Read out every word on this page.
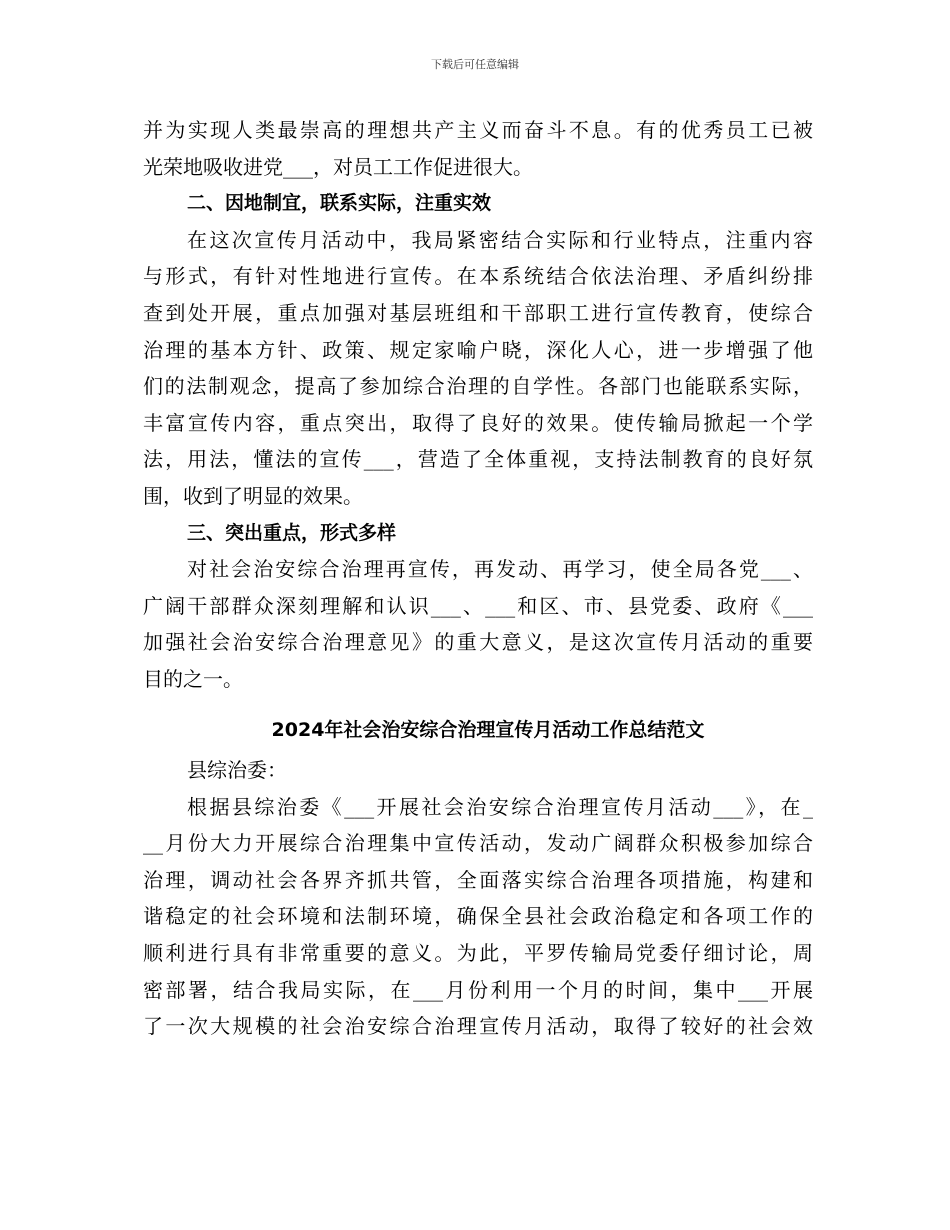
下载后可任意编辑
并为实现人类最崇高的理想共产主义而奋斗不息。有的优秀员工已被
光荣地吸收进党___，对员工工作促进很大。
二、因地制宜，联系实际，注重实效
在这次宣传月活动中，我局紧密结合实际和行业特点，注重内容
与形式，有针对性地进行宣传。在本系统结合依法治理、矛盾纠纷排
查到处开展，重点加强对基层班组和干部职工进行宣传教育，使综合
治理的基本方针、政策、规定家喻户晓，深化人心，进一步增强了他
们的法制观念，提高了参加综合治理的自学性。各部门也能联系实际，
丰富宣传内容，重点突出，取得了良好的效果。使传输局掀起一个学
法，用法，懂法的宣传___，营造了全体重视，支持法制教育的良好氛
围，收到了明显的效果。
三、突出重点，形式多样
对社会治安综合治理再宣传，再发动、再学习，使全局各党___、
广阔干部群众深刻理解和认识___、___和区、市、县党委、政府《___
加强社会治安综合治理意见》的重大意义，是这次宣传月活动的重要
目的之一。
2024年社会治安综合治理宣传月活动工作总结范文
县综治委：
根据县综治委《___开展社会治安综合治理宣传月活动___》，在_
__月份大力开展综合治理集中宣传活动，发动广阔群众积极参加综合
治理，调动社会各界齐抓共管，全面落实综合治理各项措施，构建和
谐稳定的社会环境和法制环境，确保全县社会政治稳定和各项工作的
顺利进行具有非常重要的意义。为此，平罗传输局党委仔细讨论，周
密部署，结合我局实际，在___月份利用一个月的时间，集中___开展
了一次大规模的社会治安综合治理宣传月活动，取得了较好的社会效
